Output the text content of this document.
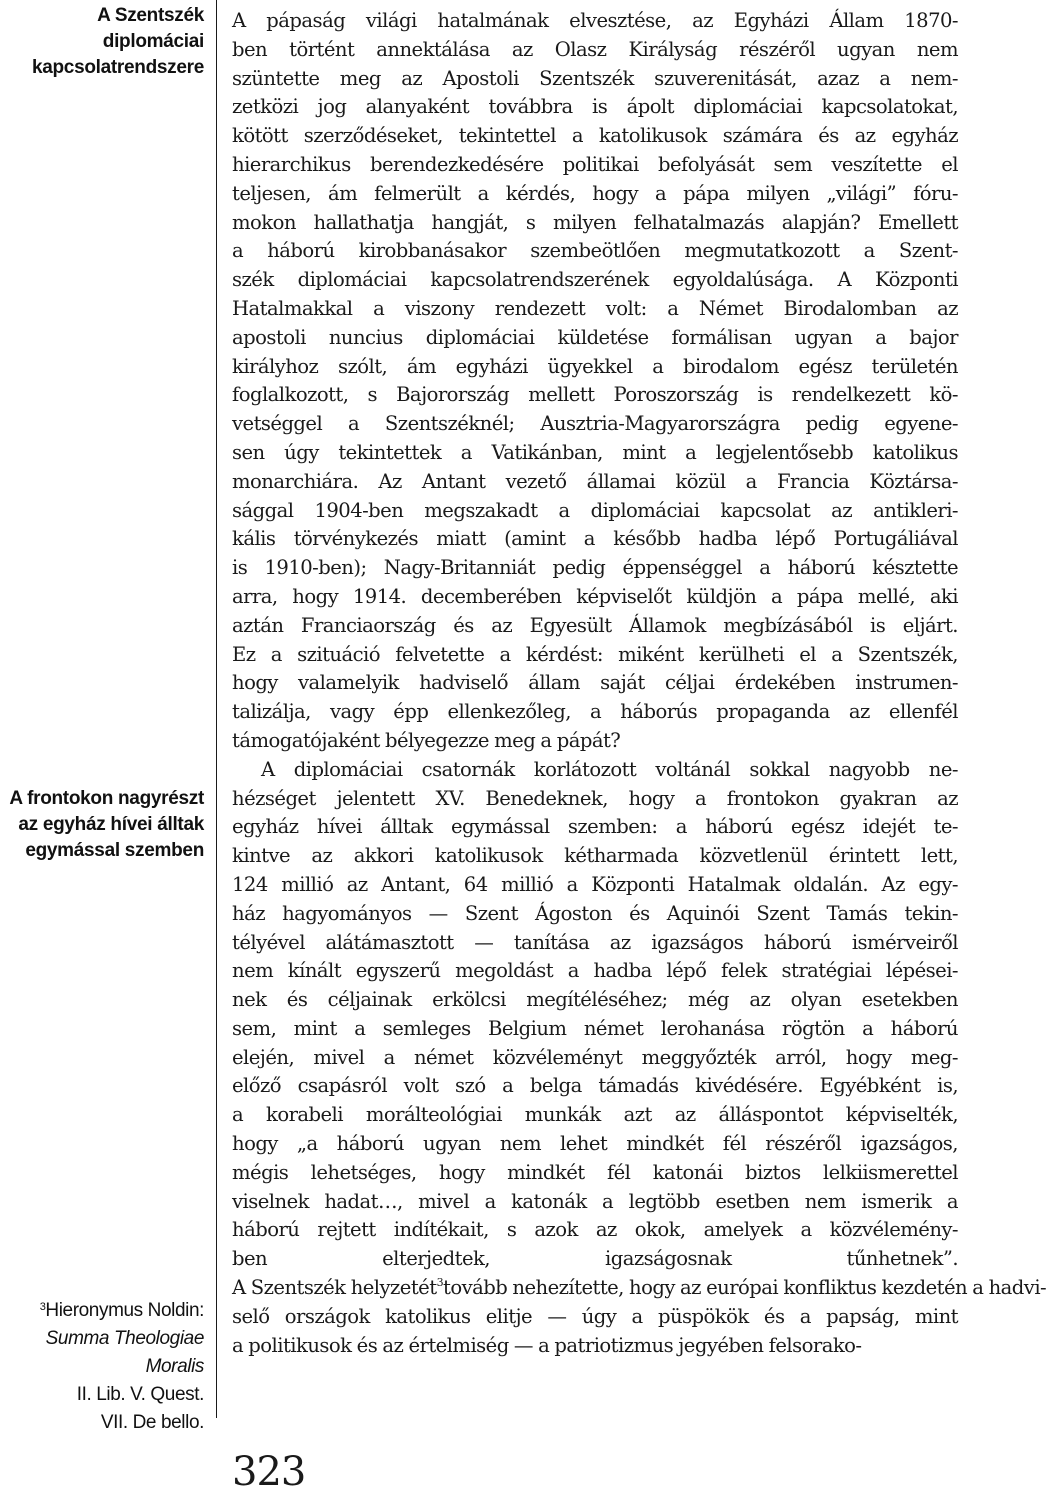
A Szentszék
diplomáciai
kapcsolatrendszere
A frontokon nagyrészt
az egyház hívei álltak
egymással szemben
$^3$Hieronymus Noldin:
Summa Theologiae
Moralis
II. Lib. V. Quest.
VII. De bello.
A pápaság világi hatalmának elvesztése, az Egyházi Állam 1870-
ben történt annektálása az Olasz Királyság részéről ugyan nem
szüntette meg az Apostoli Szentszék szuverenitását, azaz a nem-
zetközi jog alanyaként továbbra is ápolt diplomáciai kapcsolatokat,
kötött szerződéseket, tekintettel a katolikusok számára és az egyház
hierarchikus berendezkedésére politikai befolyását sem veszítette el
teljesen, ám felmerült a kérdés, hogy a pápa milyen „világi” fóru-
mokon hallathatja hangját, s milyen felhatalmazás alapján? Emellett
a háború kirobbanásakor szembeötlően megmutatkozott a Szent-
szék diplomáciai kapcsolatrendszerének egyoldalúsága. A Központi
Hatalmakkal a viszony rendezett volt: a Német Birodalomban az
apostoli nuncius diplomáciai küldetése formálisan ugyan a bajor
királyhoz szólt, ám egyházi ügyekkel a birodalom egész területén
foglalkozott, s Bajorország mellett Poroszország is rendelkezett kö-
vetséggel a Szentszéknél; Ausztria-Magyarországra pedig egyene-
sen úgy tekintettek a Vatikánban, mint a legjelentősebb katolikus
monarchiára. Az Antant vezető államai közül a Francia Köztársa-
sággal 1904-ben megszakadt a diplomáciai kapcsolat az antikleri-
kális törvénykezés miatt (amint a később hadba lépő Portugáliával
is 1910-ben); Nagy-Britanniát pedig éppenséggel a háború késztette
arra, hogy 1914. decemberében képviselőt küldjön a pápa mellé, aki
aztán Franciaország és az Egyesült Államok megbízásából is eljárt.
Ez a szituáció felvetette a kérdést: miként kerülheti el a Szentszék,
hogy valamelyik hadviselő állam saját céljai érdekében instrumen-
talizálja, vagy épp ellenkezőleg, a háborús propaganda az ellenfél
támogatójaként bélyegezze meg a pápát?
A diplomáciai csatornák korlátozott voltánál sokkal nagyobb ne-
hézséget jelentett XV. Benedeknek, hogy a frontokon gyakran az
egyház hívei álltak egymással szemben: a háború egész idejét te-
kintve az akkori katolikusok kétharmada közvetlenül érintett lett,
124 millió az Antant, 64 millió a Központi Hatalmak oldalán. Az egy-
ház hagyományos — Szent Ágoston és Aquinói Szent Tamás tekin-
télyével alátámasztott — tanítása az igazságos háború ismérveiről
nem kínált egyszerű megoldást a hadba lépő felek stratégiai lépései-
nek és céljainak erkölcsi megítéléséhez; még az olyan esetekben
sem, mint a semleges Belgium német lerohanása rögtön a háború
elején, mivel a német közvéleményt meggyőzték arról, hogy meg-
előző csapásról volt szó a belga támadás kivédésére. Egyébként is,
a korabeli morálteológiai munkák azt az álláspontot képviselték,
hogy „a háború ugyan nem lehet mindkét fél részéről igazságos,
mégis lehetséges, hogy mindkét fél katonái biztos lelkiismerettel
viselnek hadat…, mivel a katonák a legtöbb esetben nem ismerik a
háború rejtett indítékait, s azok az okok, amelyek a közvélemény-
ben elterjedtek, igazságosnak tűnhetnek”.
A Szentszék helyzetét$^3$tovább nehezítette, hogy az európai konfliktus kezdetén a hadvi-
selő országok katolikus elitje — úgy a püspökök és a papság, mint
a politikusok és az értelmiség — a patriotizmus jegyében felsorako-
323
